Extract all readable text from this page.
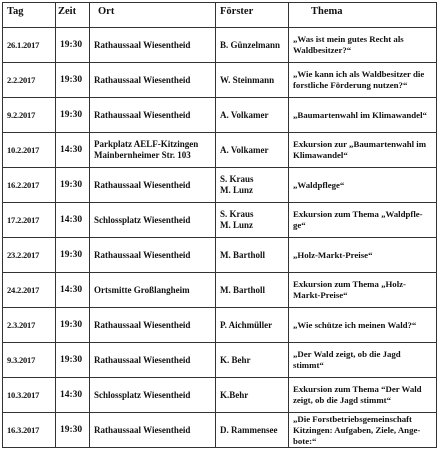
Tag	Zeit	Ort	Förster	Thema
26.1.2017	19:30	Rathaussaal Wiesentheid	B. Günzelmann	„Was ist mein gutes Recht als
Waldbesitzer?“

2.2.2017	19:30	Rathaussaal Wiesentheid	W. Steinmann	„Wie kann ich als Waldbesitzer die
forstliche Förderung nutzen?“

9.2.2017	19:30	Rathaussaal Wiesentheid	A. Volkamer	„Baumartenwahl im Klimawandel“

10.2.2017	14:30	Parkplatz AELF-Kitzingen
Mainbernheimer Str. 103	A. Volkamer	Exkursion zur „Baumartenwahl im
Klimawandel“

16.2.2017	19:30	Rathaussaal Wiesentheid	S. Kraus
M. Lunz	„Waldpflege“

17.2.2017	14:30	Schlossplatz Wiesentheid	S. Kraus
M. Lunz	Exkursion zum Thema „Waldpfle-
ge“

23.2.2017	19:30	Rathaussaal Wiesentheid	M. Bartholl	„Holz-Markt-Preise“

24.2.2017	14:30	Ortsmitte Großlangheim	M. Bartholl	Exkursion zum Thema „Holz-
Markt-Preise“

2.3.2017	19:30	Rathaussaal Wiesentheid	P. Aichmüller	„Wie schütze ich meinen Wald?“

9.3.2017	19:30	Rathaussaal Wiesentheid	K. Behr	„Der Wald zeigt, ob die Jagd
stimmt“

10.3.2017	14:30	Schlossplatz Wiesentheid	K.Behr	Exkursion zum Thema “Der Wald
zeigt, ob die Jagd stimmt“

16.3.2017	19:30	Rathaussaal Wiesentheid	D. Rammensee	„Die Forstbetriebsgemeinschaft
Kitzingen: Aufgaben, Ziele, Ange-
bote:“
